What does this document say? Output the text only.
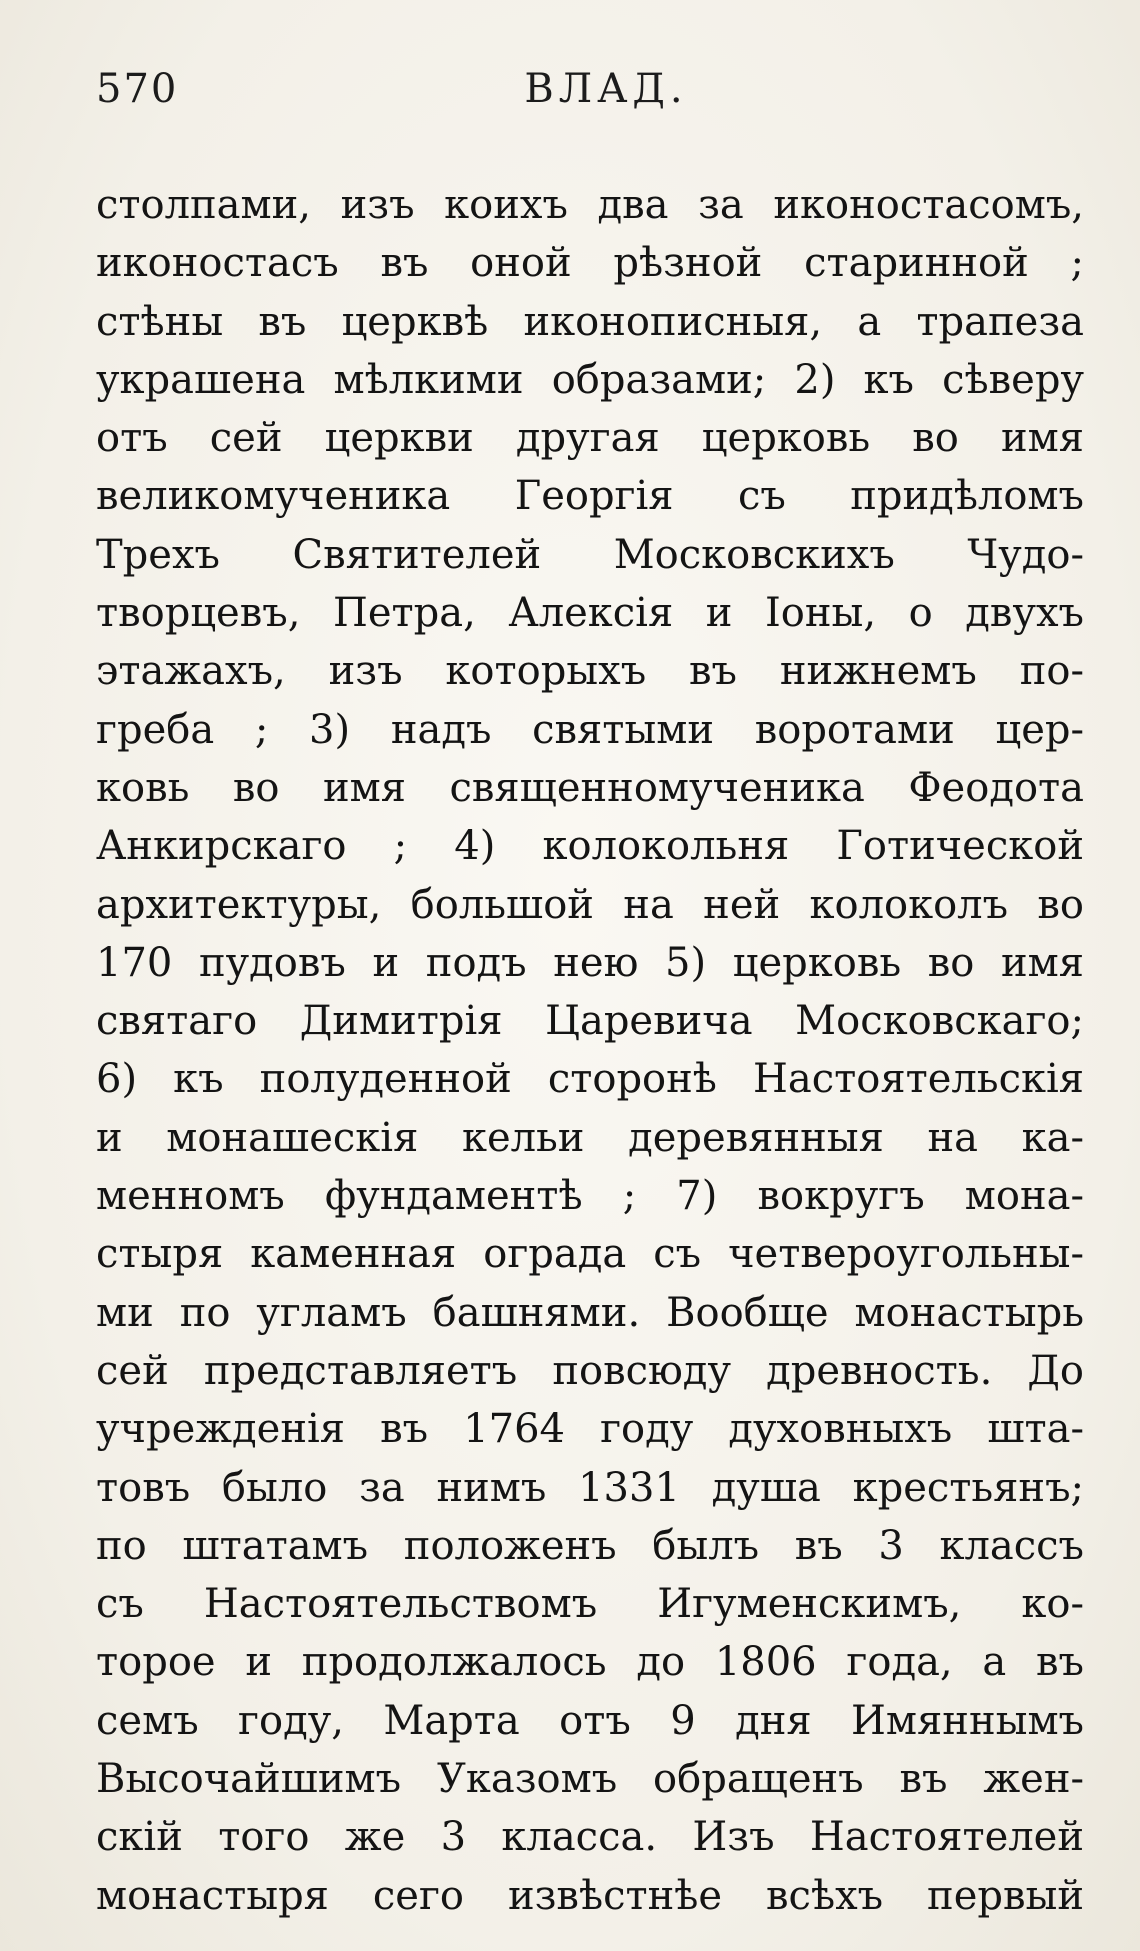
570	ВЛАД.
столпами, изъ коихъ два за иконостасомъ,
иконостасъ въ оной рѣзной старинной ;
стѣны въ церквѣ иконописныя, а трапеза
украшена мѣлкими образами; 2) къ сѣверу
отъ сей церкви другая церковь во имя
великомученика Георгія съ придѣломъ
Трехъ Святителей Московскихъ Чудо-
творцевъ, Петра, Алексія и Іоны, о двухъ
этажахъ, изъ которыхъ въ нижнемъ по-
греба ; 3) надъ святыми воротами цер-
ковь во имя священномученика Феодота
Анкирскаго ; 4) колокольня Готической
архитектуры, большой на ней колоколъ во
170 пудовъ и подъ нею 5) церковь во имя
святаго Димитрія Царевича Московскаго;
6) къ полуденной сторонѣ Настоятельскія
и монашескія кельи деревянныя на ка-
менномъ фундаментѣ ; 7) вокругъ мона-
стыря каменная ограда съ четвероугольны-
ми по угламъ башнями. Вообще монастырь
сей представляетъ повсюду древность. До
учрежденія въ 1764 году духовныхъ шта-
товъ было за нимъ 1331 душа крестьянъ;
по штатамъ положенъ былъ въ 3 классъ
съ Настоятельствомъ Игуменскимъ, ко-
торое и продолжалось до 1806 года, а въ
семъ году, Марта отъ 9 дня Имяннымъ
Высочайшимъ Указомъ обращенъ въ жен-
скій того же 3 класса. Изъ Настоятелей
монастыря сего извѣстнѣе всѣхъ первый
